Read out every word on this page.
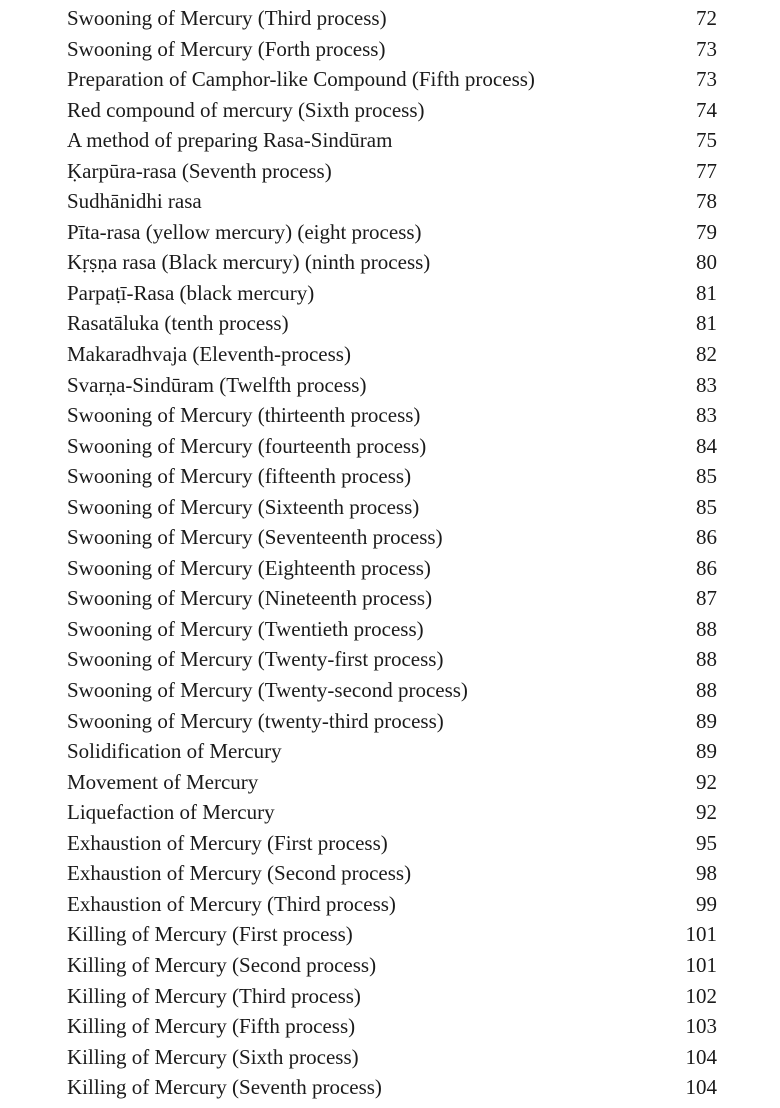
Swooning of Mercury (Third process)	72
Swooning of Mercury (Forth process)	73
Preparation of Camphor-like Compound (Fifth process)	73
Red compound of mercury (Sixth process)	74
A method of preparing Rasa-Sindūram	75
Ḳarpūra-rasa (Seventh process)	77
Sudhānidhi rasa	78
Pīta-rasa (yellow mercury) (eight process)	79
Kṛṣṇa rasa (Black mercury) (ninth process)	80
Parpaṭī-Rasa (black mercury)	81
Rasatāluka (tenth process)	81
Makaradhvaja (Eleventh-process)	82
Svarṇa-Sindūram (Twelfth process)	83
Swooning of Mercury (thirteenth process)	83
Swooning of Mercury (fourteenth process)	84
Swooning of Mercury (fifteenth process)	85
Swooning of Mercury (Sixteenth process)	85
Swooning of Mercury (Seventeenth process)	86
Swooning of Mercury (Eighteenth process)	86
Swooning of Mercury (Nineteenth process)	87
Swooning of Mercury (Twentieth process)	88
Swooning of Mercury (Twenty-first process)	88
Swooning of Mercury (Twenty-second process)	88
Swooning of Mercury (twenty-third process)	89
Solidification of Mercury	89
Movement of Mercury	92
Liquefaction of Mercury	92
Exhaustion of Mercury (First process)	95
Exhaustion of Mercury (Second process)	98
Exhaustion of Mercury (Third process)	99
Killing of Mercury (First process)	101
Killing of Mercury (Second process)	101
Killing of Mercury (Third process)	102
Killing of Mercury (Fifth process)	103
Killing of Mercury (Sixth process)	104
Killing of Mercury (Seventh process)	104
